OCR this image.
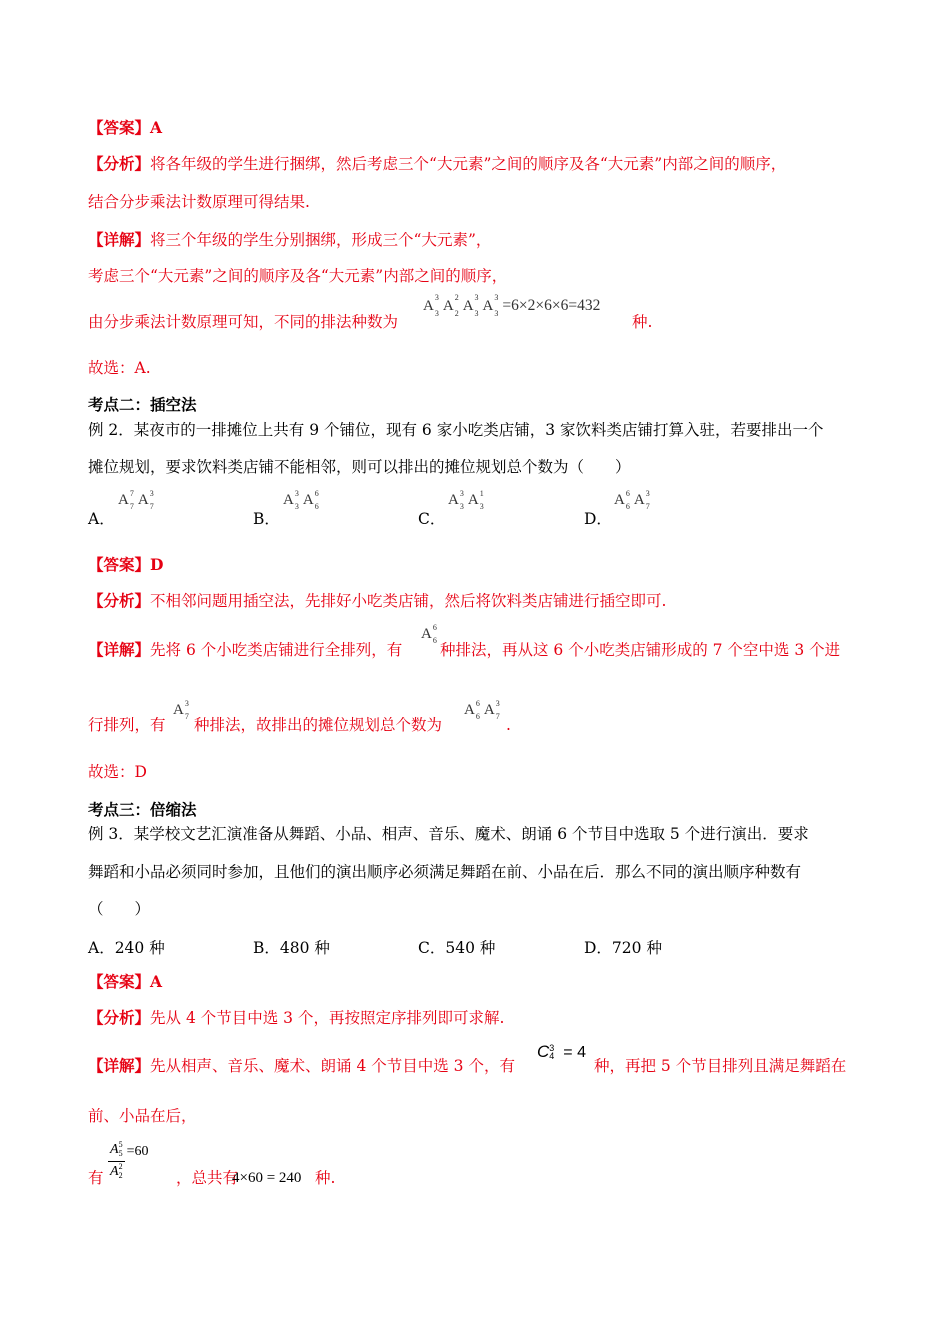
【答案】A
【分析】将各年级的学生进行捆绑，然后考虑三个“大元素”之间的顺序及各“大元素”内部之间的顺序，
结合分步乘法计数原理可得结果.
【详解】将三个年级的学生分别捆绑，形成三个“大元素”，
考虑三个“大元素”之间的顺序及各“大元素”内部之间的顺序，
由分步乘法计数原理可知，不同的排法种数为
A
3
3 A
2
2 A
3
3 A
3
3 =6×2×6×6=432
种.
故选：A.
考点二：插空法
例 2．某夜市的一排摊位上共有 9 个铺位，现有 6 家小吃类店铺，3 家饮料类店铺打算入驻，若要排出一个
摊位规划，要求饮料类店铺不能相邻，则可以排出的摊位规划总个数为（　　）
A．
A 7
7 A 3
7
B．
A 3
3 A 6
6
C．
A 3
3 A 1
3
D．
A 6
6 A 3
7
【答案】D
【分析】不相邻问题用插空法，先排好小吃类店铺，然后将饮料类店铺进行插空即可.
【详解】先将 6 个小吃类店铺进行全排列，有
A 6
6
种排法，再从这 6 个小吃类店铺形成的 7 个空中选 3 个进
行排列，有
A 3
7 种排法，故排出的摊位规划总个数为
A 6
6 A 3
7 .
故选：D
考点三：倍缩法
例 3．某学校文艺汇演准备从舞蹈、小品、相声、音乐、魔术、朗诵 6 个节目中选取 5 个进行演出．要求
舞蹈和小品必须同时参加，且他们的演出顺序必须满足舞蹈在前、小品在后．那么不同的演出顺序种数有
（　　）
A．240 种	B．480 种	C．540 种	D．720 种
【答案】A
【分析】先从 4 个节目中选 3 个，再按照定序排列即可求解.
【详解】先从相声、音乐、魔术、朗诵 4 个节目中选 3 个，有
C 3
4 = 4
种，再把 5 个节目排列且满足舞蹈在
前、小品在后，
有 $\frac{A^5_5}{A^2_2} =60$
，总共有
4×60 = 240 种.
